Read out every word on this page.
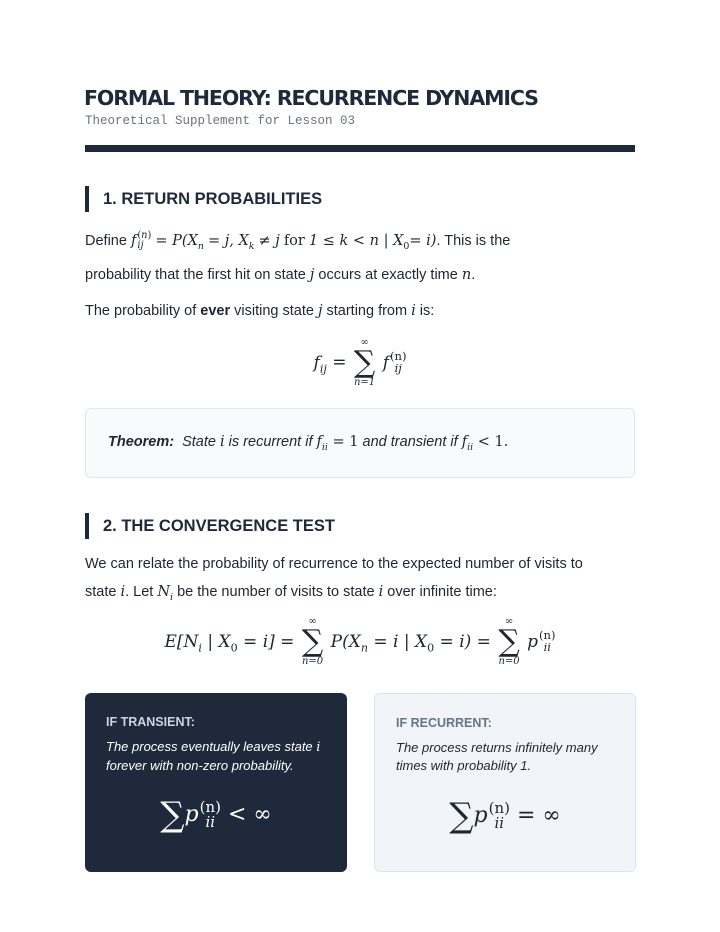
FORMAL THEORY: RECURRENCE DYNAMICS

Theoretical Supplement for Lesson 03

1. RETURN PROBABILITIES

Define f (n)
ij = $P(X_n = j$, $X_k \ne j$ for 1 ≤ k < n | $X_0= i$). This is the
probability that the first hit on state j occurs at exactly time n.

The probability of ever visiting state j starting from i is:

$f_{ij}$ =
∞
∑
n=1
f (n)
ij
Theorem: State i is recurrent if $f_{ii} = 1$ and transient if $f_{ii} < 1$.
2. THE CONVERGENCE TEST

We can relate the probability of recurrence to the expected number of visits to
state i. Let $N_i$ be the number of visits to state i over infinite time:

$E[N_i$ | $X_0 = i$] =
∞
∑
n=0
$P(X_n = i$ | $X_0 = i$) =
∞
∑
n=0
p (n)
ii

IF TRANSIENT:

The process eventually leaves state i forever with non-zero probability.

∑p (n)
ii < ∞

IF RECURRENT:

The process returns infinitely many times with probability 1.

∑p (n)
ii = ∞
